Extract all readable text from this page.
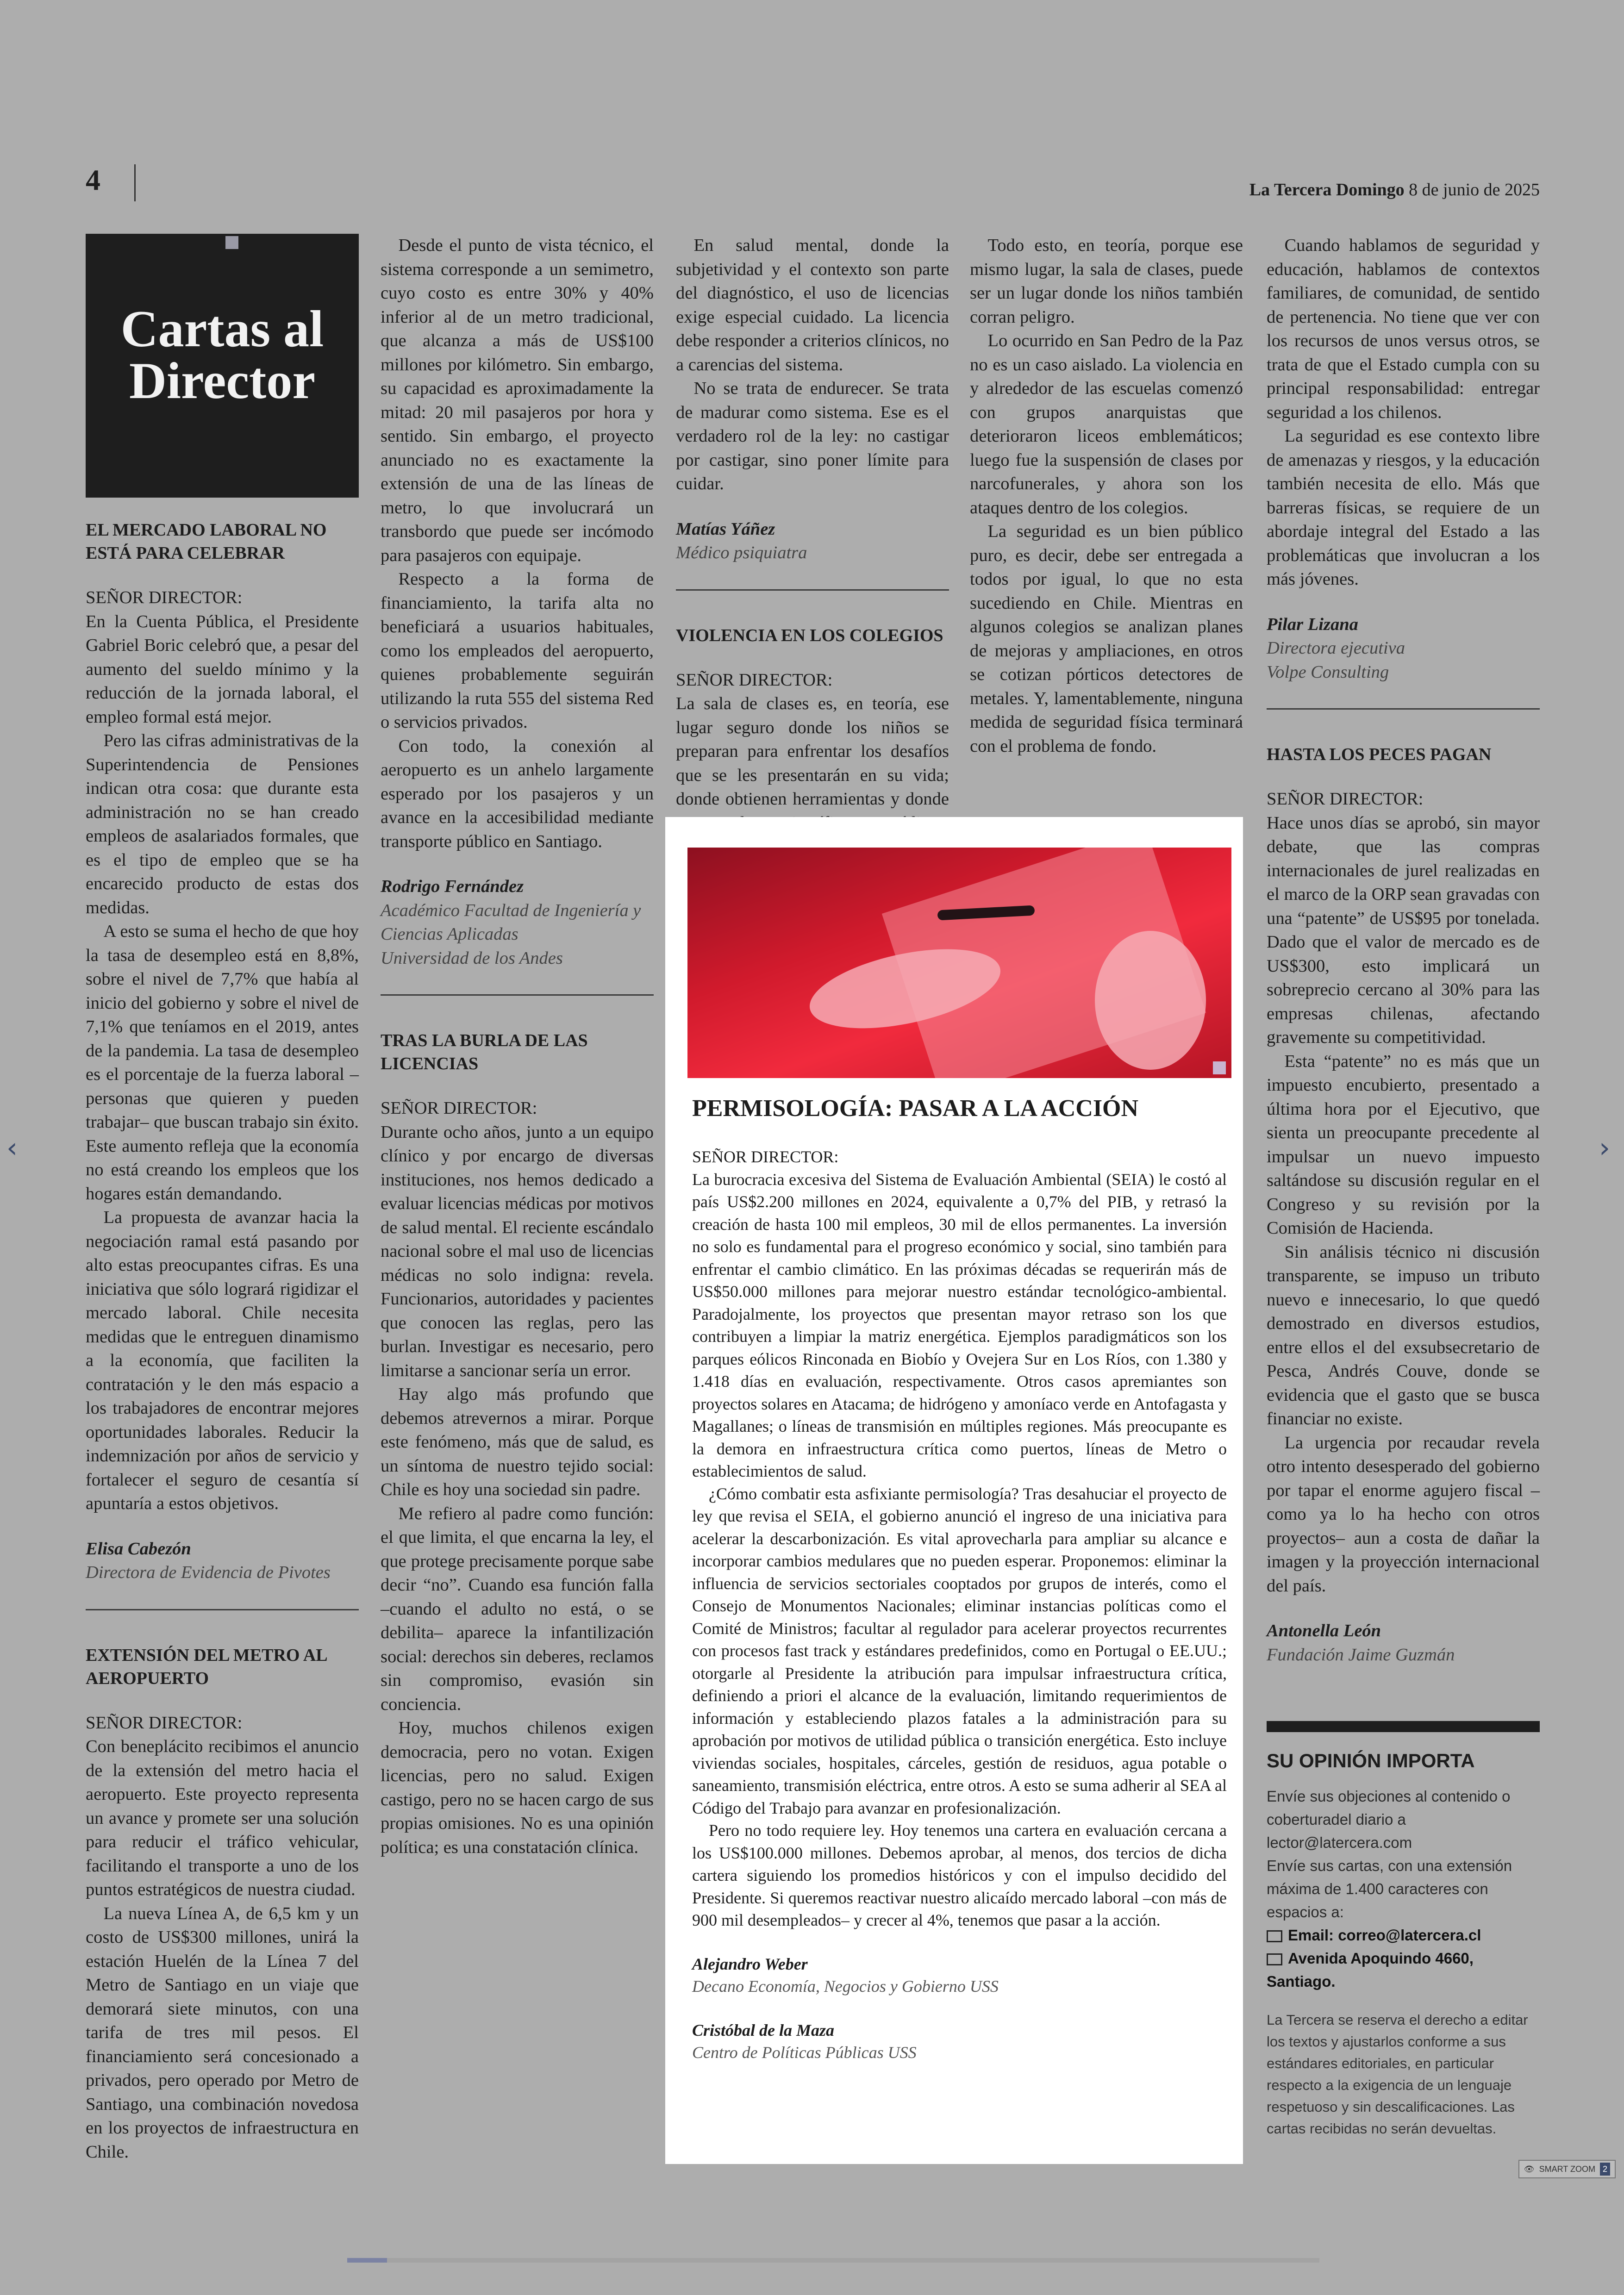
4	La Tercera Domingo 8 de junio de 2025
Cartas al
Director
EL MERCADO LABORAL NO ESTÁ PARA CELEBRAR

SEÑOR DIRECTOR:

En la Cuenta Pública, el Presidente Gabriel Boric celebró que, a pesar del aumento del sueldo mínimo y la reducción de la jornada laboral, el empleo formal está mejor.

Pero las cifras administrativas de la Superintendencia de Pensiones indican otra cosa: que durante esta administración no se han creado empleos de asalariados formales, que es el tipo de empleo que se ha encarecido producto de estas dos medidas.

A esto se suma el hecho de que hoy la tasa de desempleo está en 8,8%, sobre el nivel de 7,7% que había al inicio del gobierno y sobre el nivel de 7,1% que teníamos en el 2019, antes de la pandemia. La tasa de desempleo es el porcentaje de la fuerza laboral –personas que quieren y pueden trabajar– que buscan trabajo sin éxito. Este aumento refleja que la economía no está creando los empleos que los hogares están demandando.

La propuesta de avanzar hacia la negociación ramal está pasando por alto estas preocupantes cifras. Es una iniciativa que sólo logrará rigidizar el mercado laboral. Chile necesita medidas que le entreguen dinamismo a la economía, que faciliten la contratación y le den más espacio a los trabajadores de encontrar mejores oportunidades laborales. Reducir la indemnización por años de servicio y fortalecer el seguro de cesantía sí apuntaría a estos objetivos.

Elisa Cabezón
Directora de Evidencia de Pivotes
EXTENSIÓN DEL METRO AL AEROPUERTO

SEÑOR DIRECTOR:

Con beneplácito recibimos el anuncio de la extensión del metro hacia el aeropuerto. Este proyecto representa un avance y promete ser una solución para reducir el tráfico vehicular, facilitando el transporte a uno de los puntos estratégicos de nuestra ciudad.

La nueva Línea A, de 6,5 km y un costo de US$300 millones, unirá la estación Huelén de la Línea 7 del Metro de Santiago en un viaje que demorará siete minutos, con una tarifa de tres mil pesos. El financiamiento será concesionado a privados, pero operado por Metro de Santiago, una combinación novedosa en los proyectos de infraestructura en Chile.

Desde el punto de vista técnico, el sistema corresponde a un semimetro, cuyo costo es entre 30% y 40% inferior al de un metro tradicional, que alcanza a más de US$100 millones por kilómetro. Sin embargo, su capacidad es aproximadamente la mitad: 20 mil pasajeros por hora y sentido. Sin embargo, el proyecto anunciado no es exactamente la extensión de una de las líneas de metro, lo que involucrará un transbordo que puede ser incómodo para pasajeros con equipaje.

Respecto a la forma de financiamiento, la tarifa alta no beneficiará a usuarios habituales, como los empleados del aeropuerto, quienes probablemente seguirán utilizando la ruta 555 del sistema Red o servicios privados.

Con todo, la conexión al aeropuerto es un anhelo largamente esperado por los pasajeros y un avance en la accesibilidad mediante transporte público en Santiago.

Rodrigo Fernández
Académico Facultad de Ingeniería y Ciencias Aplicadas
Universidad de los Andes
TRAS LA BURLA DE LAS LICENCIAS

SEÑOR DIRECTOR:

Durante ocho años, junto a un equipo clínico y por encargo de diversas instituciones, nos hemos dedicado a evaluar licencias médicas por motivos de salud mental. El reciente escándalo nacional sobre el mal uso de licencias médicas no solo indigna: revela. Funcionarios, autoridades y pacientes que conocen las reglas, pero las burlan. Investigar es necesario, pero limitarse a sancionar sería un error.

Hay algo más profundo que debemos atrevernos a mirar. Porque este fenómeno, más que de salud, es un síntoma de nuestro tejido social: Chile es hoy una sociedad sin padre.

Me refiero al padre como función: el que limita, el que encarna la ley, el que protege precisamente porque sabe decir “no”. Cuando esa función falla –cuando el adulto no está, o se debilita– aparece la infantilización social: derechos sin deberes, reclamos sin compromiso, evasión sin conciencia.

Hoy, muchos chilenos exigen democracia, pero no votan. Exigen licencias, pero no salud. Exigen castigo, pero no se hacen cargo de sus propias omisiones. No es una opinión política; es una constatación clínica.

En salud mental, donde la subjetividad y el contexto son parte del diagnóstico, el uso de licencias exige especial cuidado. La licencia debe responder a criterios clínicos, no a carencias del sistema.

No se trata de endurecer. Se trata de madurar como sistema. Ese es el verdadero rol de la ley: no castigar por castigar, sino poner límite para cuidar.

Matías Yáñez
Médico psiquiatra
VIOLENCIA EN LOS COLEGIOS

SEÑOR DIRECTOR:

La sala de clases es, en teoría, ese lugar seguro donde los niños se preparan para enfrentar los desafíos que se les presentarán en su vida; donde obtienen herramientas y donde

Todo esto, en teoría, porque ese mismo lugar, la sala de clases, puede ser un lugar donde los niños también corran peligro.

Lo ocurrido en San Pedro de la Paz no es un caso aislado. La violencia en y alrededor de las escuelas comenzó con grupos anarquistas que deterioraron liceos emblemáticos; luego fue la suspensión de clases por narcofunerales, y ahora son los ataques dentro de los colegios.

La seguridad es un bien público puro, es decir, debe ser entregada a todos por igual, lo que no esta sucediendo en Chile. Mientras en algunos colegios se analizan planes de mejoras y ampliaciones, en otros se cotizan pórticos detectores de metales. Y, lamentablemente, ninguna medida de seguridad física terminará con el problema de fondo.

Cuando hablamos de seguridad y educación, hablamos de contextos familiares, de comunidad, de sentido de pertenencia. No tiene que ver con los recursos de unos versus otros, se trata de que el Estado cumpla con su principal responsabilidad: entregar seguridad a los chilenos.

La seguridad es ese contexto libre de amenazas y riesgos, y la educación también necesita de ello. Más que barreras físicas, se requiere de un abordaje integral del Estado a las problemáticas que involucran a los más jóvenes.

Pilar Lizana
Directora ejecutiva
Volpe Consulting
HASTA LOS PECES PAGAN

SEÑOR DIRECTOR:

Hace unos días se aprobó, sin mayor debate, que las compras internacionales de jurel realizadas en el marco de la ORP sean gravadas con una “patente” de US$95 por tonelada. Dado que el valor de mercado es de US$300, esto implicará un sobreprecio cercano al 30% para las empresas chilenas, afectando gravemente su competitividad.

Esta “patente” no es más que un impuesto encubierto, presentado a última hora por el Ejecutivo, que sienta un preocupante precedente al impulsar un nuevo impuesto saltándose su discusión regular en el Congreso y su revisión por la Comisión de Hacienda.

Sin análisis técnico ni discusión transparente, se impuso un tributo nuevo e innecesario, lo que quedó demostrado en diversos estudios, entre ellos el del exsubsecretario de Pesca, Andrés Couve, donde se evidencia que el gasto que se busca financiar no existe.

La urgencia por recaudar revela otro intento desesperado del gobierno por tapar el enorme agujero fiscal –como ya lo ha hecho con otros proyectos– aun a costa de dañar la imagen y la proyección internacional del país.

Antonella León
Fundación Jaime Guzmán
PERMISOLOGÍA: PASAR A LA ACCIÓN

SEÑOR DIRECTOR:

La burocracia excesiva del Sistema de Evaluación Ambiental (SEIA) le costó al país US$2.200 millones en 2024, equivalente a 0,7% del PIB, y retrasó la creación de hasta 100 mil empleos, 30 mil de ellos permanentes. La inversión no solo es fundamental para el progreso económico y social, sino también para enfrentar el cambio climático. En las próximas décadas se requerirán más de US$50.000 millones para mejorar nuestro estándar tecnológico-ambiental. Paradojalmente, los proyectos que presentan mayor retraso son los que contribuyen a limpiar la matriz energética. Ejemplos paradigmáticos son los parques eólicos Rinconada en Biobío y Ovejera Sur en Los Ríos, con 1.380 y 1.418 días en evaluación, respectivamente. Otros casos apremiantes son proyectos solares en Atacama; de hidrógeno y amoníaco verde en Antofagasta y Magallanes; o líneas de transmisión en múltiples regiones. Más preocupante es la demora en infraestructura crítica como puertos, líneas de Metro o establecimientos de salud.

¿Cómo combatir esta asfixiante permisología? Tras desahuciar el proyecto de ley que revisa el SEIA, el gobierno anunció el ingreso de una iniciativa para acelerar la descarbonización. Es vital aprovecharla para ampliar su alcance e incorporar cambios medulares que no pueden esperar. Proponemos: eliminar la influencia de servicios sectoriales cooptados por grupos de interés, como el Consejo de Monumentos Nacionales; eliminar instancias políticas como el Comité de Ministros; facultar al regulador para acelerar proyectos recurrentes con procesos fast track y estándares predefinidos, como en Portugal o EE.UU.; otorgarle al Presidente la atribución para impulsar infraestructura crítica, definiendo a priori el alcance de la evaluación, limitando requerimientos de información y estableciendo plazos fatales a la administración para su aprobación por motivos de utilidad pública o transición energética. Esto incluye viviendas sociales, hospitales, cárceles, gestión de residuos, agua potable o saneamiento, transmisión eléctrica, entre otros. A esto se suma adherir al SEA al Código del Trabajo para avanzar en profesionalización.

Pero no todo requiere ley. Hoy tenemos una cartera en evaluación cercana a los US$100.000 millones. Debemos aprobar, al menos, dos tercios de dicha cartera siguiendo los promedios históricos y con el impulso decidido del Presidente. Si queremos reactivar nuestro alicaído mercado laboral –con más de 900 mil desempleados– y crecer al 4%, tenemos que pasar a la acción.

Alejandro Weber
Decano Economía, Negocios y Gobierno USS
Cristóbal de la Maza
Centro de Políticas Públicas USS
SU OPINIÓN IMPORTA
Envíe sus objeciones al contenido o coberturadel diario a lector@latercera.com
Envíe sus cartas, con una extensión máxima de 1.400 caracteres con espacios a:
Email: correo@latercera.cl
Avenida Apoquindo 4660, Santiago.
La Tercera se reserva el derecho a editar los textos y ajustarlos conforme a sus estándares editoriales, en particular respecto a la exigencia de un lenguaje respetuoso y sin descalificaciones. Las cartas recibidas no serán devueltas.
‹	›
👁 SMART ZOOM 2
